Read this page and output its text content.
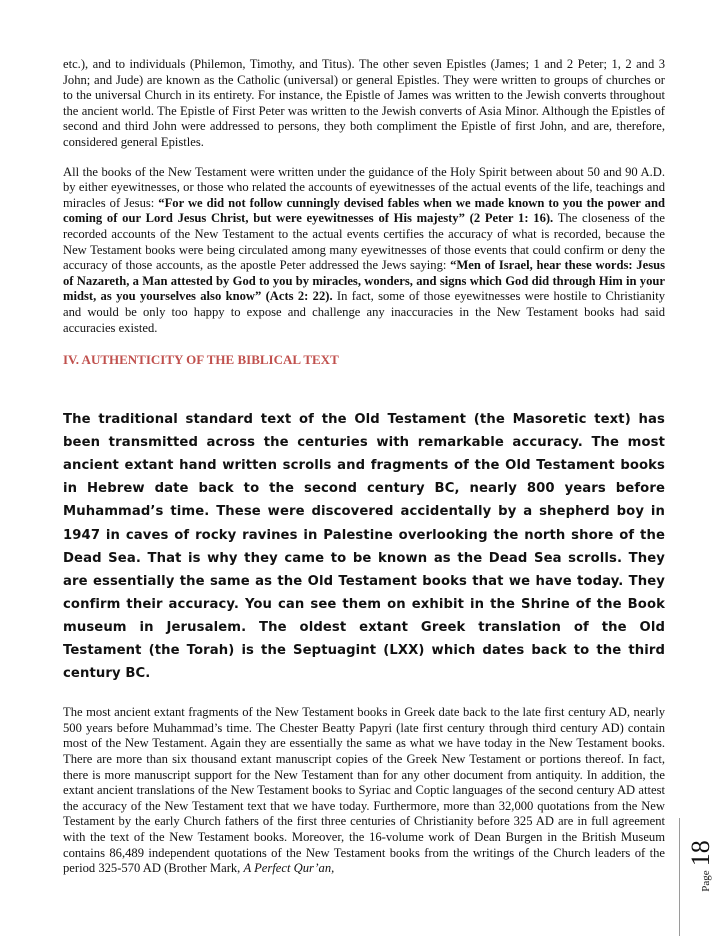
etc.), and to individuals (Philemon, Timothy, and Titus). The other seven Epistles (James; 1 and 2 Peter; 1, 2 and 3 John; and Jude) are known as the Catholic (universal) or general Epistles. They were written to groups of churches or to the universal Church in its entirety. For instance, the Epistle of James was written to the Jewish converts throughout the ancient world. The Epistle of First Peter was written to the Jewish converts of Asia Minor. Although the Epistles of second and third John were addressed to persons, they both compliment the Epistle of first John, and are, therefore, considered general Epistles.

All the books of the New Testament were written under the guidance of the Holy Spirit between about 50 and 90 A.D. by either eyewitnesses, or those who related the accounts of eyewitnesses of the actual events of the life, teachings and miracles of Jesus: “For we did not follow cunningly devised fables when we made known to you the power and coming of our Lord Jesus Christ, but were eyewitnesses of His majesty” (2 Peter 1: 16). The closeness of the recorded accounts of the New Testament to the actual events certifies the accuracy of what is recorded, because the New Testament books were being circulated among many eyewitnesses of those events that could confirm or deny the accuracy of those accounts, as the apostle Peter addressed the Jews saying: “Men of Israel, hear these words: Jesus of Nazareth, a Man attested by God to you by miracles, wonders, and signs which God did through Him in your midst, as you yourselves also know” (Acts 2: 22). In fact, some of those eyewitnesses were hostile to Christianity and would be only too happy to expose and challenge any inaccuracies in the New Testament books had said accuracies existed.

IV. AUTHENTICITY OF THE BIBLICAL TEXT

The traditional standard text of the Old Testament (the Masoretic text) has been transmitted across the centuries with remarkable accuracy. The most ancient extant hand written scrolls and fragments of the Old Testament books in Hebrew date back to the second century BC, nearly 800 years before Muhammad’s time. These were discovered accidentally by a shepherd boy in 1947 in caves of rocky ravines in Palestine overlooking the north shore of the Dead Sea. That is why they came to be known as the Dead Sea scrolls. They are essentially the same as the Old Testament books that we have today. They confirm their accuracy. You can see them on exhibit in the Shrine of the Book museum in Jerusalem. The oldest extant Greek translation of the Old Testament (the Torah) is the Septuagint (LXX) which dates back to the third century BC.

The most ancient extant fragments of the New Testament books in Greek date back to the late first century AD, nearly 500 years before Muhammad’s time. The Chester Beatty Papyri (late first century through third century AD) contain most of the New Testament. Again they are essentially the same as what we have today in the New Testament books. There are more than six thousand extant manuscript copies of the Greek New Testament or portions thereof. In fact, there is more manuscript support for the New Testament than for any other document from antiquity. In addition, the extant ancient translations of the New Testament books to Syriac and Coptic languages of the second century AD attest the accuracy of the New Testament text that we have today. Furthermore, more than 32,000 quotations from the New Testament by the early Church fathers of the first three centuries of Christianity before 325 AD are in full agreement with the text of the New Testament books. Moreover, the 16-volume work of Dean Burgen in the British Museum contains 86,489 independent quotations of the New Testament books from the writings of the Church leaders of the period 325-570 AD (Brother Mark, A Perfect Qur’an,

Page 18
